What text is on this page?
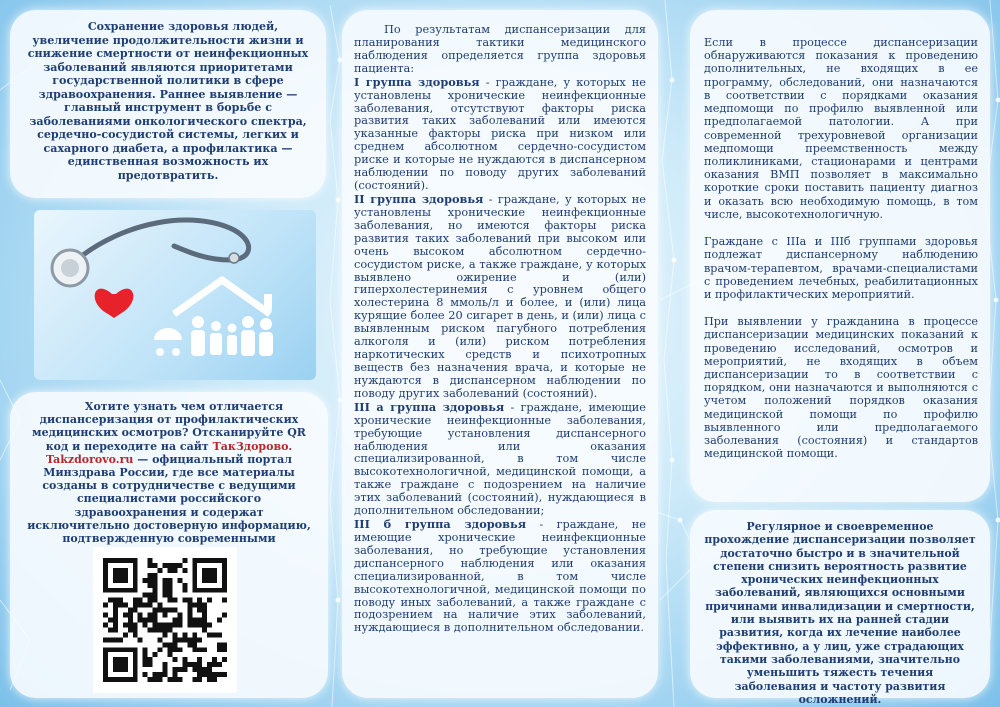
Сохранение здоровья людей, увеличение продолжительности жизни и снижение смертности от неинфекционных заболеваний являются приоритетами государственной политики в сфере здравоохранения. Раннее выявление — главный инструмент в борьбе с заболеваниями онкологического спектра, сердечно-сосудистой системы, легких и сахарного диабета, а профилактика — единственная возможность их предотвратить.

Хотите узнать чем отличается диспансеризация от профилактических медицинских осмотров? Отсканируйте QR код и переходите на сайт ТакЗдорово.
Takzdorovo.ru — официальный портал Минздрава России, где все материалы созданы в сотрудничестве с ведущими специалистами российского здравоохранения и содержат исключительно достоверную информацию, подтвержденную современными

По результатам диспансеризации для планирования тактики медицинского наблюдения определяется группа здоровья пациента:

I группа здоровья - граждане, у которых не установлены хронические неинфекционные заболевания, отсутствуют факторы риска развития таких заболеваний или имеются указанные факторы риска при низком или среднем абсолютном сердечно-сосудистом риске и которые не нуждаются в диспансерном наблюдении по поводу других заболеваний (состояний).

II группа здоровья - граждане, у которых не установлены хронические неинфекционные заболевания, но имеются факторы риска развития таких заболеваний при высоком или очень высоком абсолютном сердечно-сосудистом риске, а также граждане, у которых выявлено ожирение и (или) гиперхолестеринемия с уровнем общего холестерина 8 ммоль/л и более, и (или) лица курящие более 20 сигарет в день, и (или) лица с выявленным риском пагубного потребления алкоголя и (или) риском потребления наркотических средств и психотропных веществ без назначения врача, и которые не нуждаются в диспансерном наблюдении по поводу других заболеваний (состояний).

III а группа здоровья - граждане, имеющие хронические неинфекционные заболевания, требующие установления диспансерного наблюдения или оказания специализированной, в том числе высокотехнологичной, медицинской помощи, а также граждане с подозрением на наличие этих заболеваний (состояний), нуждающиеся в дополнительном обследовании;

III б группа здоровья - граждане, не имеющие хронические неинфекционные заболевания, но требующие установления диспансерного наблюдения или оказания специализированной, в том числе высокотехнологичной, медицинской помощи по поводу иных заболеваний, а также граждане с подозрением на наличие этих заболеваний, нуждающиеся в дополнительном обследовании.

Если в процессе диспансеризации обнаруживаются показания к проведению дополнительных, не входящих в ее программу, обследований, они назначаются в соответствии с порядками оказания медпомощи по профилю выявленной или предполагаемой патологии. А при современной трехуровневой организации медпомощи преемственность между поликлиниками, стационарами и центрами оказания ВМП позволяет в максимально короткие сроки поставить пациенту диагноз и оказать всю необходимую помощь, в том числе, высокотехнологичную.

Граждане с IIIа и IIIб группами здоровья подлежат диспансерному наблюдению врачом-терапевтом, врачами-специалистами с проведением лечебных, реабилитационных и профилактических мероприятий.

При выявлении у гражданина в процессе диспансеризации медицинских показаний к проведению исследований, осмотров и мероприятий, не входящих в объем диспансеризации то в соответствии с порядком, они назначаются и выполняются с учетом положений порядков оказания медицинской помощи по профилю выявленного или предполагаемого заболевания (состояния) и стандартов медицинской помощи.

Регулярное и своевременное прохождение диспансеризации позволяет достаточно быстро и в значительной степени снизить вероятность развитие хронических неинфекционных заболеваний, являющихся основными причинами инвалидизации и смертности, или выявить их на ранней стадии развития, когда их лечение наиболее эффективно, а у лиц, уже страдающих такими заболеваниями, значительно уменьшить тяжесть течения заболевания и частоту развития осложнений.
